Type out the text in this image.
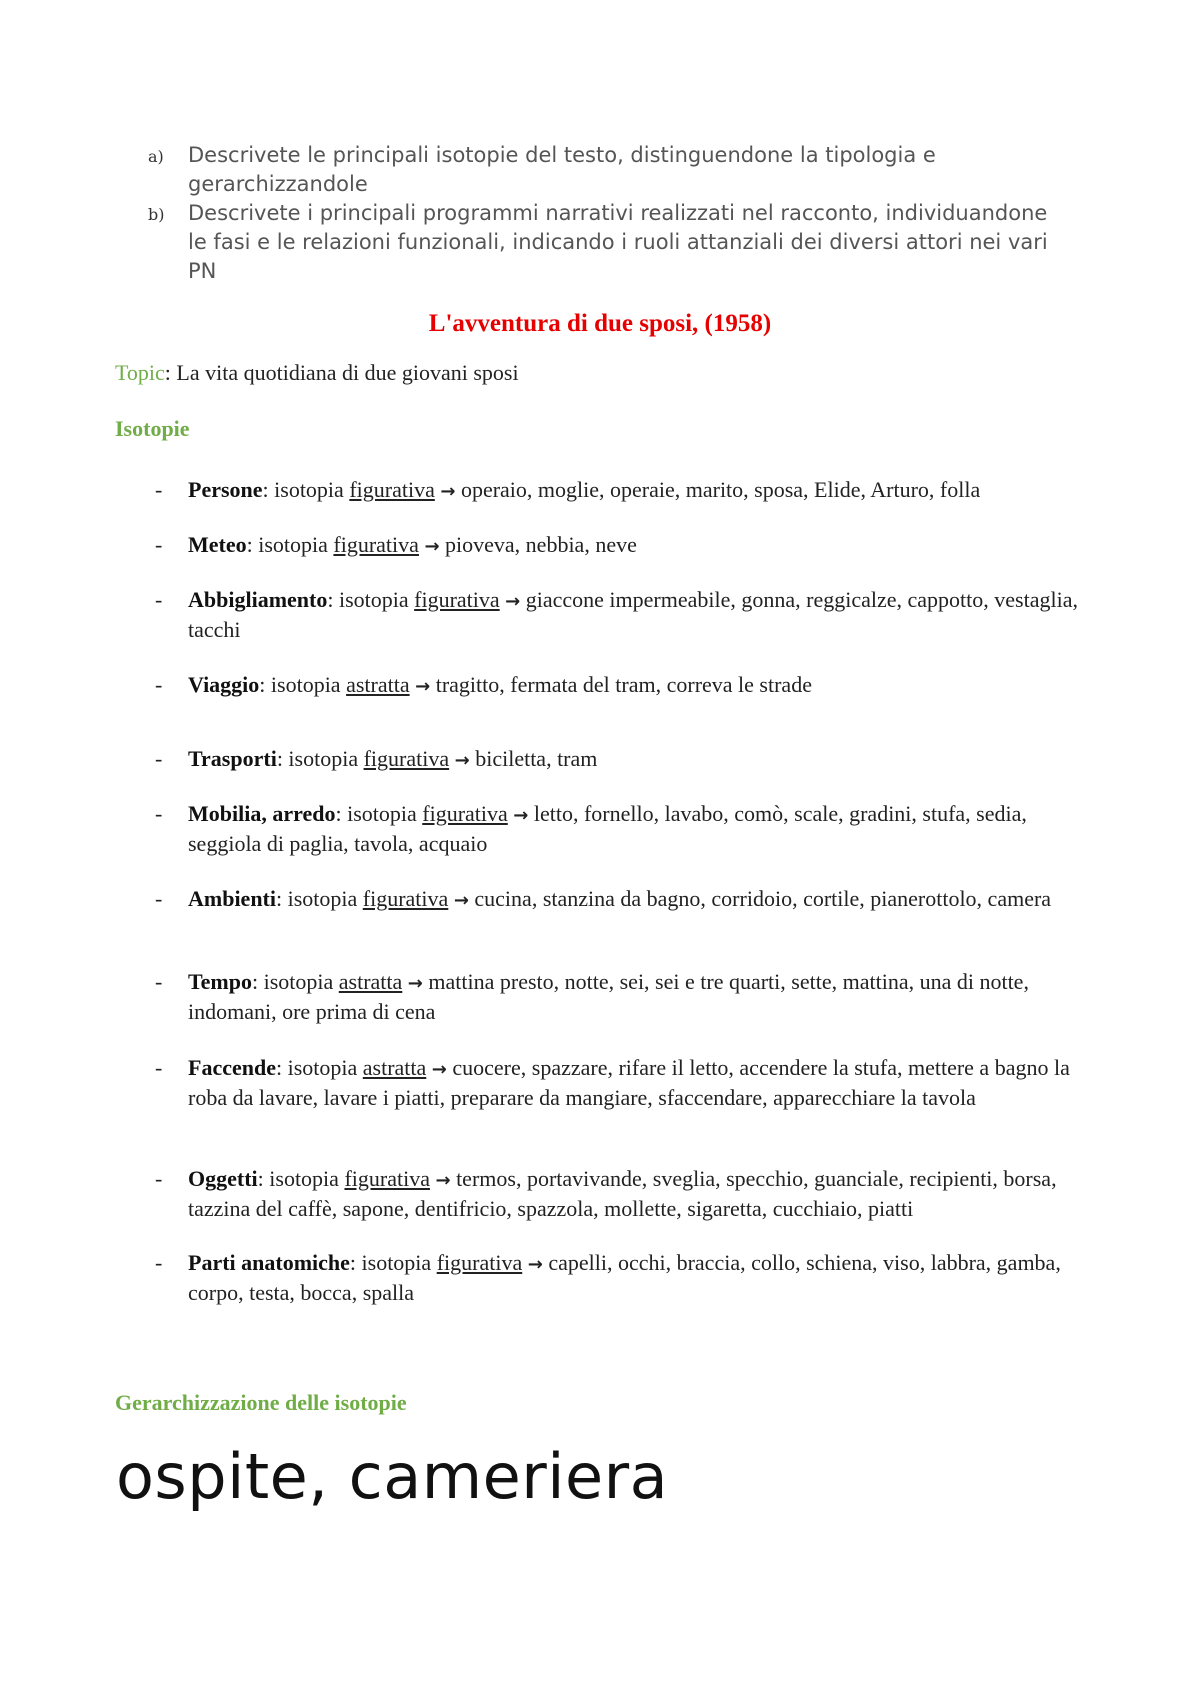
a) Descrivete le principali isotopie del testo, distinguendone la tipologia e gerarchizzandole
b) Descrivete i principali programmi narrativi realizzati nel racconto, individuandone le fasi e le relazioni funzionali, indicando i ruoli attanziali dei diversi attori nei vari PN
L'avventura di due sposi, (1958)
Topic: La vita quotidiana di due giovani sposi
Isotopie
- Persone: isotopia figurativa → operaio, moglie, operaie, marito, sposa, Elide, Arturo, folla
- Meteo: isotopia figurativa → pioveva, nebbia, neve
- Abbigliamento: isotopia figurativa → giaccone impermeabile, gonna, reggicalze, cappotto, vestaglia, tacchi
- Viaggio: isotopia astratta → tragitto, fermata del tram, correva le strade
- Trasporti: isotopia figurativa → biciletta, tram
- Mobilia, arredo: isotopia figurativa → letto, fornello, lavabo, comò, scale, gradini, stufa, sedia, seggiola di paglia, tavola, acquaio
- Ambienti: isotopia figurativa → cucina, stanzina da bagno, corridoio, cortile, pianerottolo, camera
- Tempo: isotopia astratta → mattina presto, notte, sei, sei e tre quarti, sette, mattina, una di notte, indomani, ore prima di cena
- Faccende: isotopia astratta → cuocere, spazzare, rifare il letto, accendere la stufa, mettere a bagno la roba da lavare, lavare i piatti, preparare da mangiare, sfaccendare, apparecchiare la tavola
- Oggetti: isotopia figurativa → termos, portavivande, sveglia, specchio, guanciale, recipienti, borsa, tazzina del caffè, sapone, dentifricio, spazzola, mollette, sigaretta, cucchiaio, piatti
- Parti anatomiche: isotopia figurativa → capelli, occhi, braccia, collo, schiena, viso, labbra, gamba, corpo, testa, bocca, spalla
Gerarchizzazione delle isotopie
ospite, cameriera
